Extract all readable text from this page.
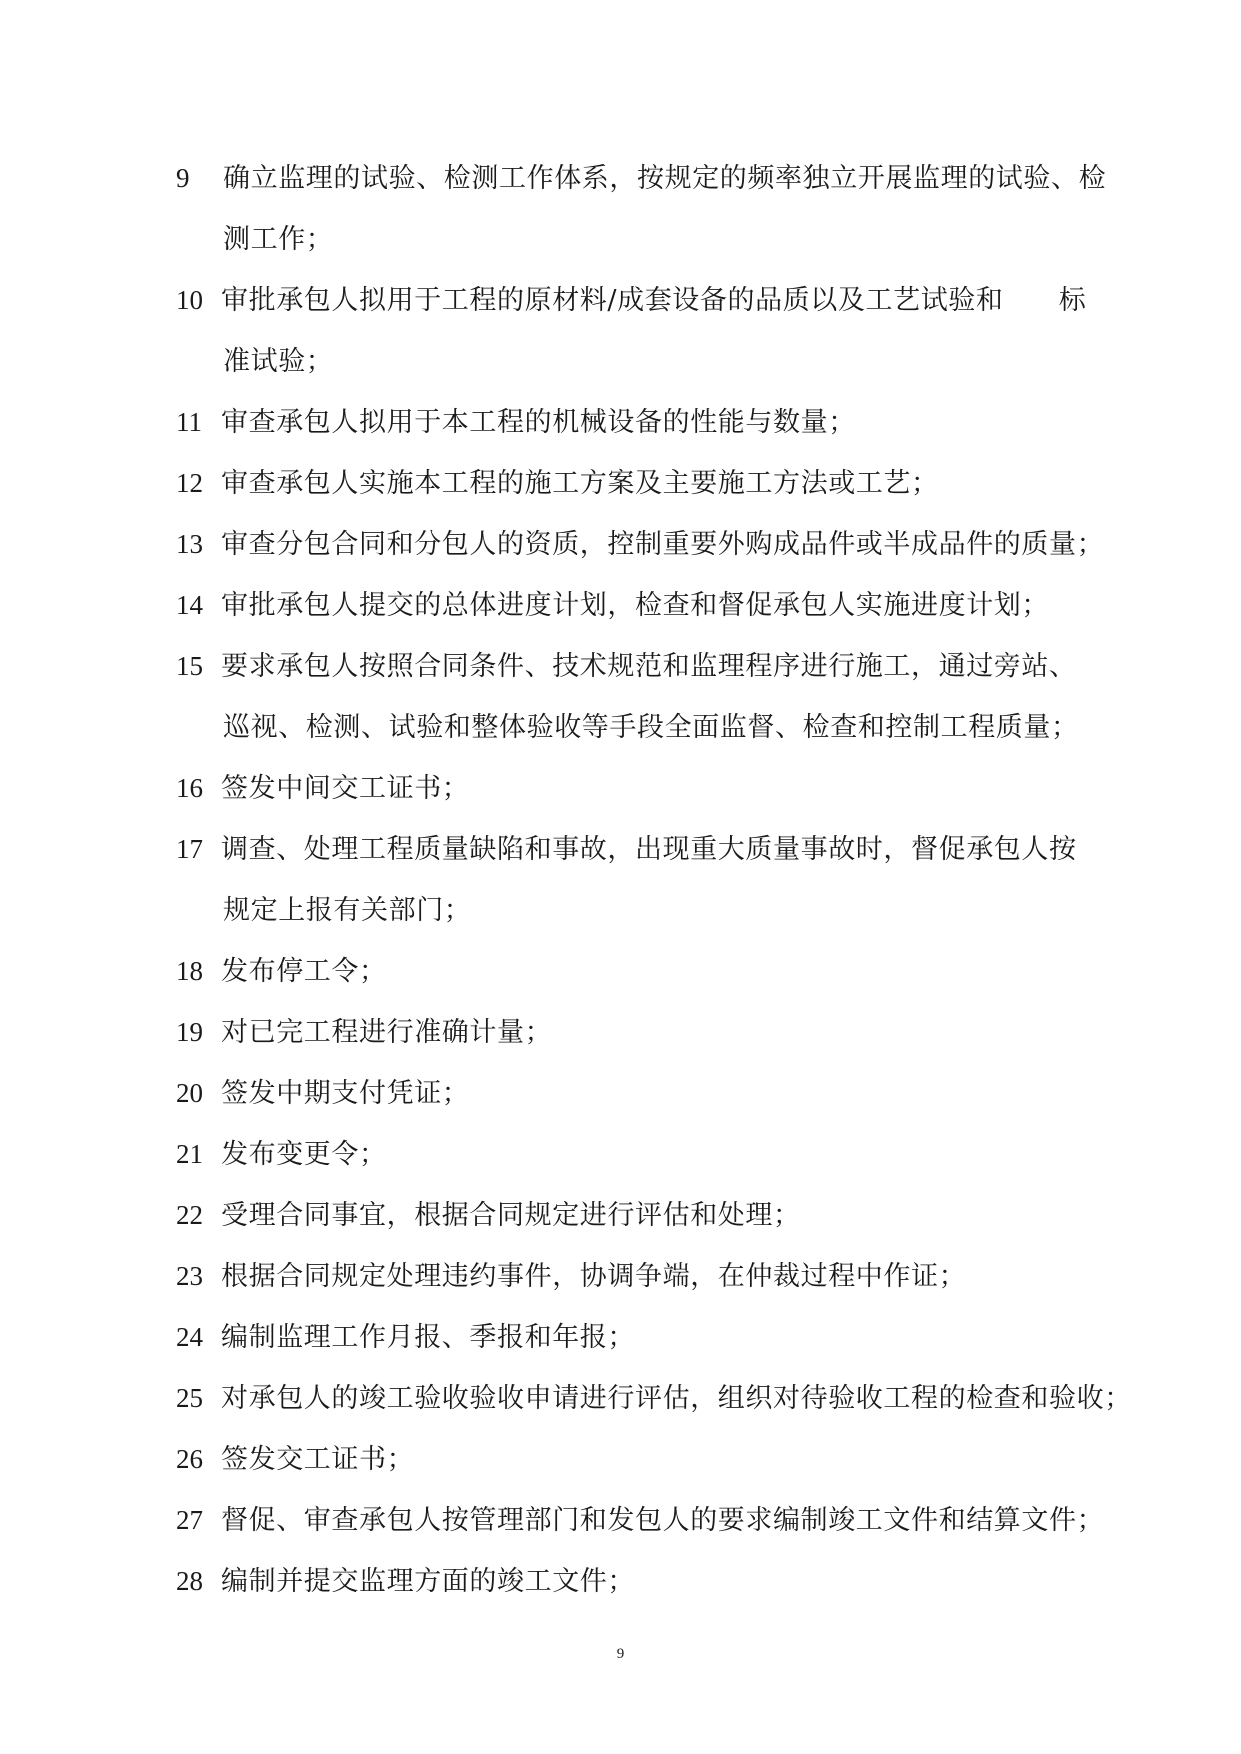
9	确立监理的试验、检测工作体系，按规定的频率独立开展监理的试验、检
测工作；
10 审批承包人拟用于工程的原材料/成套设备的品质以及工艺试验和　　标
准试验；
11 审查承包人拟用于本工程的机械设备的性能与数量；
12 审查承包人实施本工程的施工方案及主要施工方法或工艺；
13 审查分包合同和分包人的资质，控制重要外购成品件或半成品件的质量；
14 审批承包人提交的总体进度计划，检查和督促承包人实施进度计划；
15 要求承包人按照合同条件、技术规范和监理程序进行施工，通过旁站、
巡视、检测、试验和整体验收等手段全面监督、检查和控制工程质量；
16 签发中间交工证书；
17 调查、处理工程质量缺陷和事故，出现重大质量事故时，督促承包人按
规定上报有关部门；
18 发布停工令；
19 对已完工程进行准确计量；
20 签发中期支付凭证；
21 发布变更令；
22 受理合同事宜，根据合同规定进行评估和处理；
23 根据合同规定处理违约事件，协调争端，在仲裁过程中作证；
24 编制监理工作月报、季报和年报；
25 对承包人的竣工验收验收申请进行评估，组织对待验收工程的检查和验收；
26 签发交工证书；
27 督促、审查承包人按管理部门和发包人的要求编制竣工文件和结算文件；
28 编制并提交监理方面的竣工文件；
9
